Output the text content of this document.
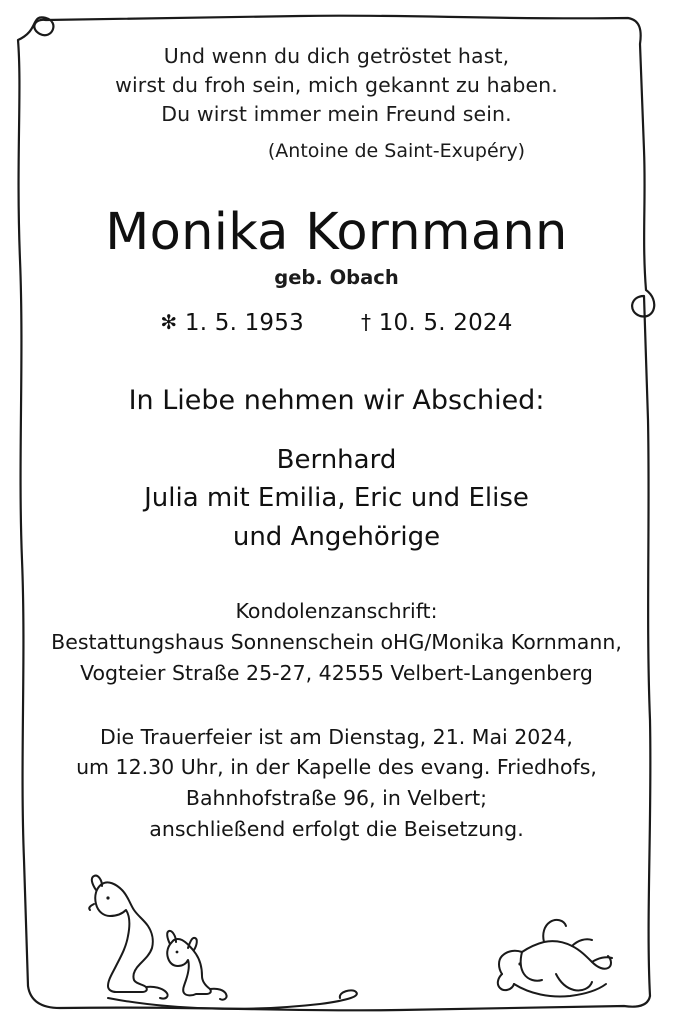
Und wenn du dich getröstet hast,
wirst du froh sein, mich gekannt zu haben.
Du wirst immer mein Freund sein.
(Antoine de Saint-Exupéry)
Monika Kornmann
geb. Obach
✻ 1. 5. 1953	† 10. 5. 2024
In Liebe nehmen wir Abschied:
Bernhard
Julia mit Emilia, Eric und Elise
und Angehörige
Kondolenzanschrift:
Bestattungshaus Sonnenschein oHG/Monika Kornmann,
Vogteier Straße 25-27, 42555 Velbert-Langenberg
Die Trauerfeier ist am Dienstag, 21. Mai 2024,
um 12.30 Uhr, in der Kapelle des evang. Friedhofs,
Bahnhofstraße 96, in Velbert;
anschließend erfolgt die Beisetzung.
